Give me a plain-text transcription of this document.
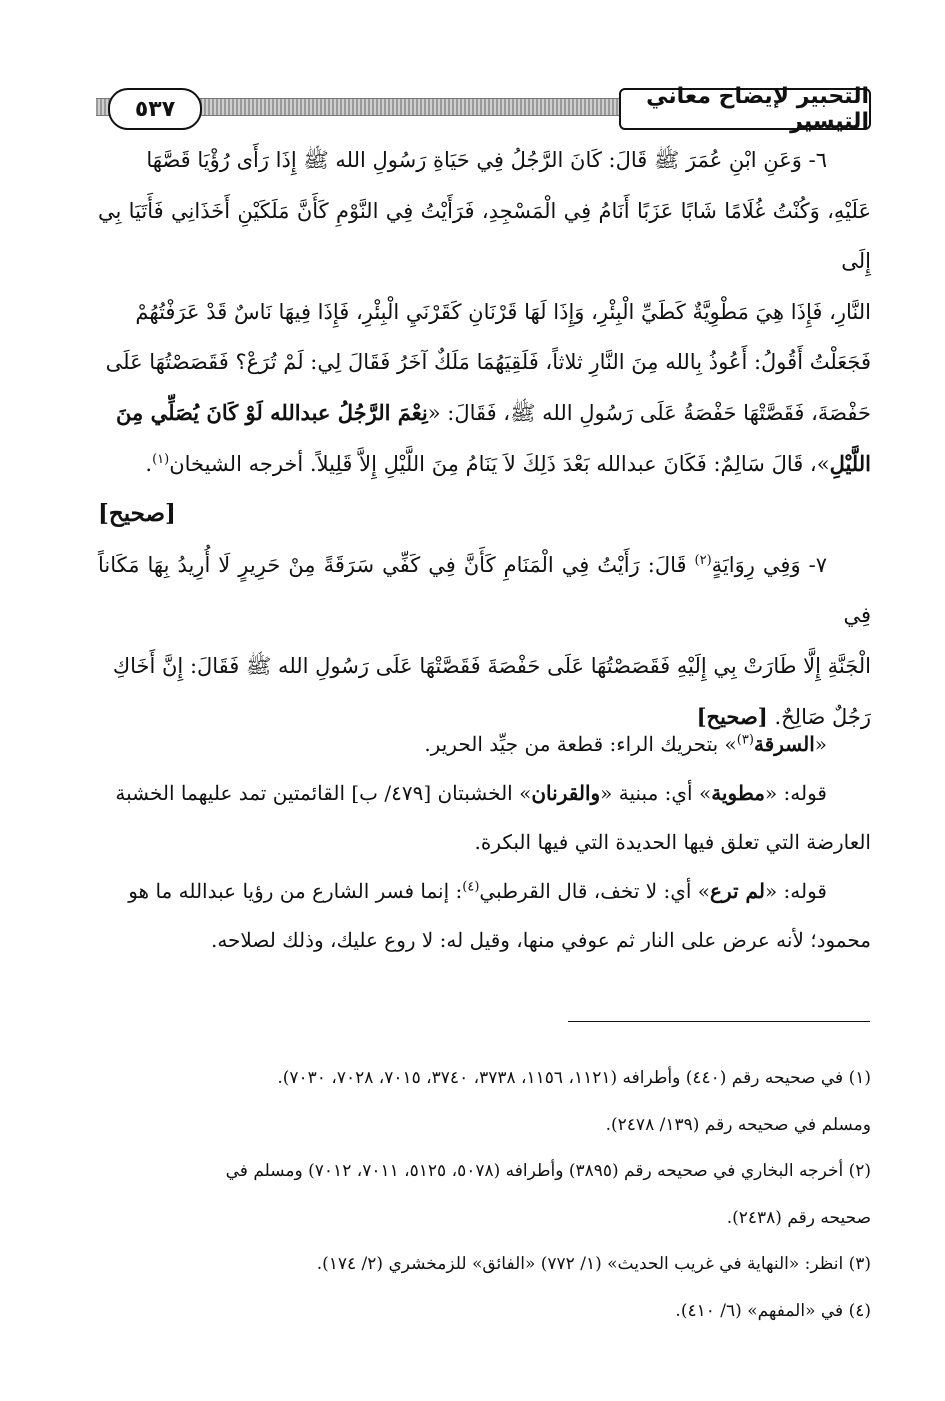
التحبير لإيضاح معاني التيسير
٥٣٧

٦- وَعَنِ ابْنِ عُمَرَ ﷺ قَالَ: كَانَ الرَّجُلُ فِي حَيَاةِ رَسُولِ الله ﷺ إِذَا رَأَى رُؤْيَا قَصَّهَا

عَلَيْهِ، وَكُنْتُ غُلَامًا شَابًا عَزَبًا أَنَامُ فِي الْمَسْجِدِ، فَرَأَيْتُ فِي النَّوْمِ كَأَنَّ مَلَكَيْنِ أَخَذَانِي فَأَتَيَا بِي إِلَى

النَّارِ، فَإِذَا هِيَ مَطْوِيَّةٌ كَطَيِّ الْبِئْرِ، وَإِذَا لَهَا قَرْنَانِ كَقَرْنَيِ الْبِئْرِ، فَإِذَا فِيهَا نَاسٌ قَدْ عَرَفْتُهُمْ

فَجَعَلْتُ أَقُولُ: أَعُوذُ بِالله مِنَ النَّارِ ثلاثاً، فَلَقِيَهُمَا مَلَكٌ آخَرُ فَقَالَ لِي: لَمْ تُرَعْ؟ فَقَصَصْتُهَا عَلَى

حَفْصَةَ، فَقَصَّتْهَا حَفْصَةُ عَلَى رَسُولِ الله ﷺ، فَقَالَ: «نِعْمَ الرَّجُلُ عبدالله لَوْ كَانَ يُصَلِّي مِنَ

اللَّيْلِ»، قَالَ سَالِمٌ: فَكَانَ عبدالله بَعْدَ ذَلِكَ لاَ يَنَامُ مِنَ اللَّيْلِ إِلاَّ قَلِيلاً. أخرجه الشيخان$^{(١)}$.

[صحيح]

٧- وَفِي رِوَايَةٍ$^{(٢)}$ قَالَ: رَأَيْتُ فِي الْمَنَامِ كَأَنَّ فِي كَفِّي سَرَقَةً مِنْ حَرِيرٍ لَا أُرِيدُ بِهَا مَكَاناً فِي

الْجَنَّةِ إِلَّا طَارَتْ بِي إِلَيْهِ فَقَصَصْتُهَا عَلَى حَفْصَةَ فَقَصَّتْهَا عَلَى رَسُولِ الله ﷺ فَقَالَ: إِنَّ أَخَاكِ

رَجُلٌ صَالِحٌ. [صحيح]

«السرقة$^{(٣)}$» بتحريك الراء: قطعة من جيِّد الحرير.

قوله: «مطوية» أي: مبنية «والقرنان» الخشبتان [٤٧٩/ ب] القائمتين تمد عليهما الخشبة

العارضة التي تعلق فيها الحديدة التي فيها البكرة.

قوله: «لم ترع» أي: لا تخف، قال القرطبي$^{(٤)}$: إنما فسر الشارع من رؤيا عبدالله ما هو

محمود؛ لأنه عرض على النار ثم عوفي منها، وقيل له: لا روع عليك، وذلك لصلاحه.

(١) في صحيحه رقم (٤٤٠) وأطرافه (١١٢١، ١١٥٦، ٣٧٣٨، ٣٧٤٠، ٧٠١٥، ٧٠٢٨، ٧٠٣٠).

ومسلم في صحيحه رقم (١٣٩/ ٢٤٧٨).

(٢) أخرجه البخاري في صحيحه رقم (٣٨٩٥) وأطرافه (٥٠٧٨، ٥١٢٥، ٧٠١١، ٧٠١٢) ومسلم في

صحيحه رقم (٢٤٣٨).

(٣) انظر: «النهاية في غريب الحديث» (١/ ٧٧٢) «الفائق» للزمخشري (٢/ ١٧٤).

(٤) في «المفهم» (٦/ ٤١٠).
